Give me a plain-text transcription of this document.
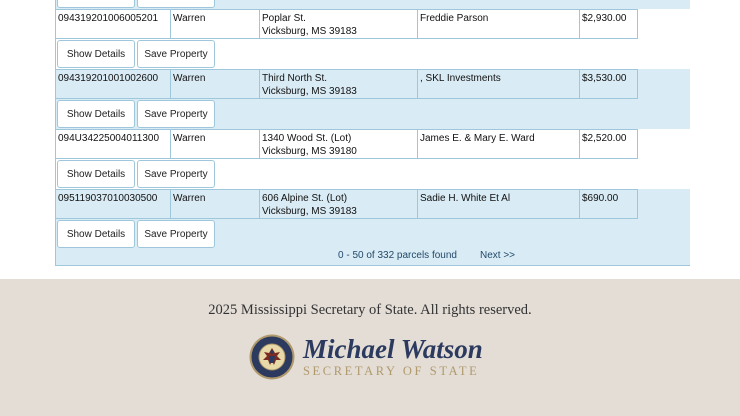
094319201006005201	Warren	Poplar St.
Vicksburg, MS 39183
Freddie Parson	$2,930.00
Show Details	Save Property
094319201001002600	Warren	Third North St.
Vicksburg, MS 39183
, SKL Investments	$3,530.00
Show Details	Save Property
094U34225004011300	Warren	1340 Wood St. (Lot)
Vicksburg, MS 39180
James E. & Mary E. Ward	$2,520.00
Show Details	Save Property
095119037010030500	Warren	606 Alpine St. (Lot)
Vicksburg, MS 39183
Sadie H. White Et Al	$690.00
Show Details	Save Property
0 - 50 of 332 parcels found Next >>
2025 Mississippi Secretary of State. All rights reserved.
Michael Watson
SECRETARY OF STATE
